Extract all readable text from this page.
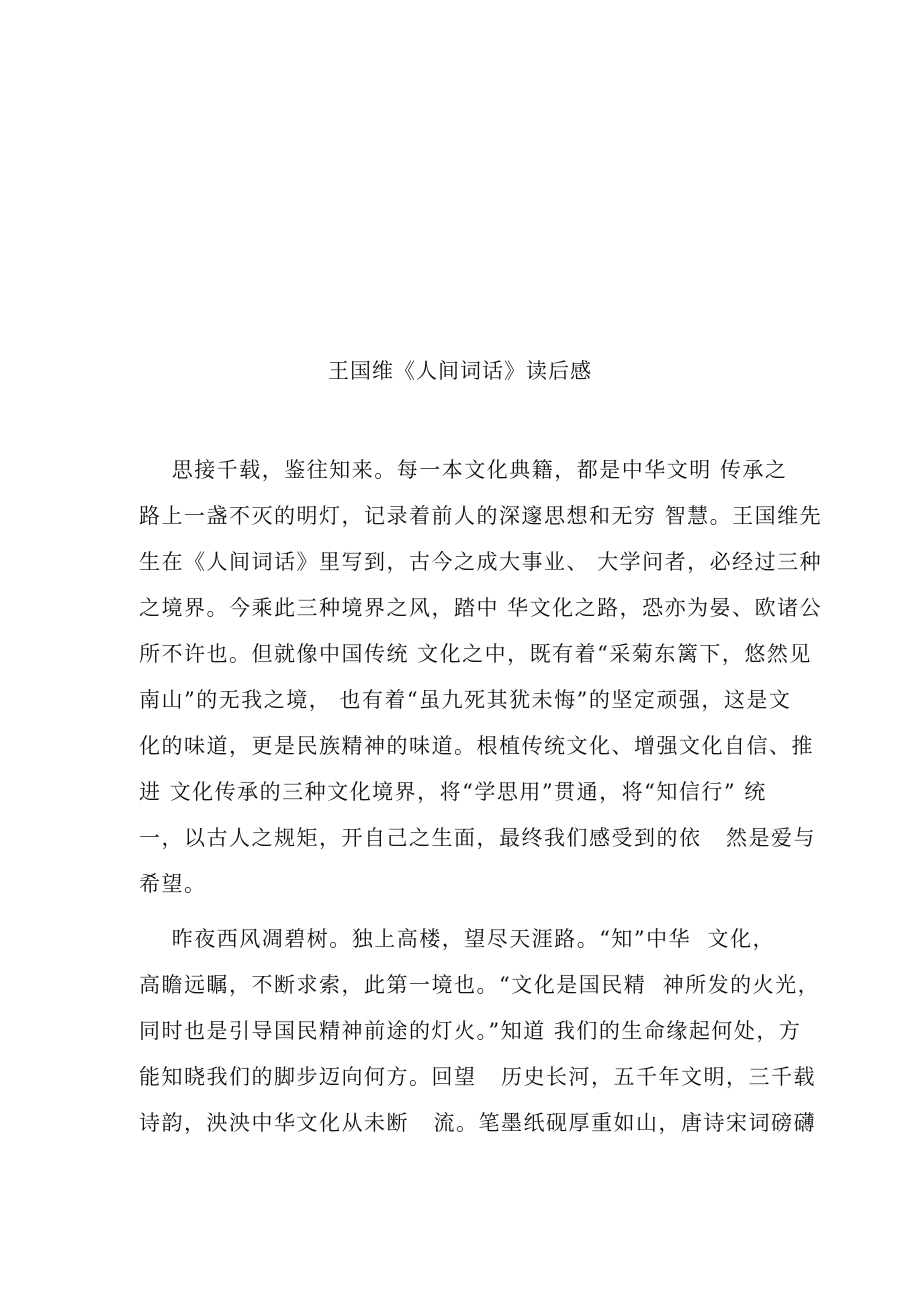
王国维《人间词话》读后感
思接千载，鉴往知来。每一本文化典籍，都是中华文明 传承之
路上一盏不灭的明灯，记录着前人的深邃思想和无穷 智慧。王国维先
生在《人间词话》里写到，古今之成大事业、 大学问者，必经过三种
之境界。今乘此三种境界之风，踏中 华文化之路，恐亦为晏、欧诸公
所不许也。但就像中国传统 文化之中，既有着“采菊东篱下，悠然见
南山”的无我之境， 也有着“虽九死其犹未悔”的坚定顽强，这是文
化的味道，更是民族精神的味道。根植传统文化、增强文化自信、推
进 文化传承的三种文化境界，将“学思用”贯通，将“知信行” 统
一，以古人之规矩，开自己之生面，最终我们感受到的依   然是爱与
希望。
昨夜西风凋碧树。独上高楼，望尽天涯路。“知”中华  文化，
高瞻远瞩，不断求索，此第一境也。“文化是国民精  神所发的火光，
同时也是引导国民精神前途的灯火。”知道 我们的生命缘起何处，方
能知晓我们的脚步迈向何方。回望   历史长河，五千年文明，三千载
诗韵，泱泱中华文化从未断   流。笔墨纸砚厚重如山，唐诗宋词磅礴
